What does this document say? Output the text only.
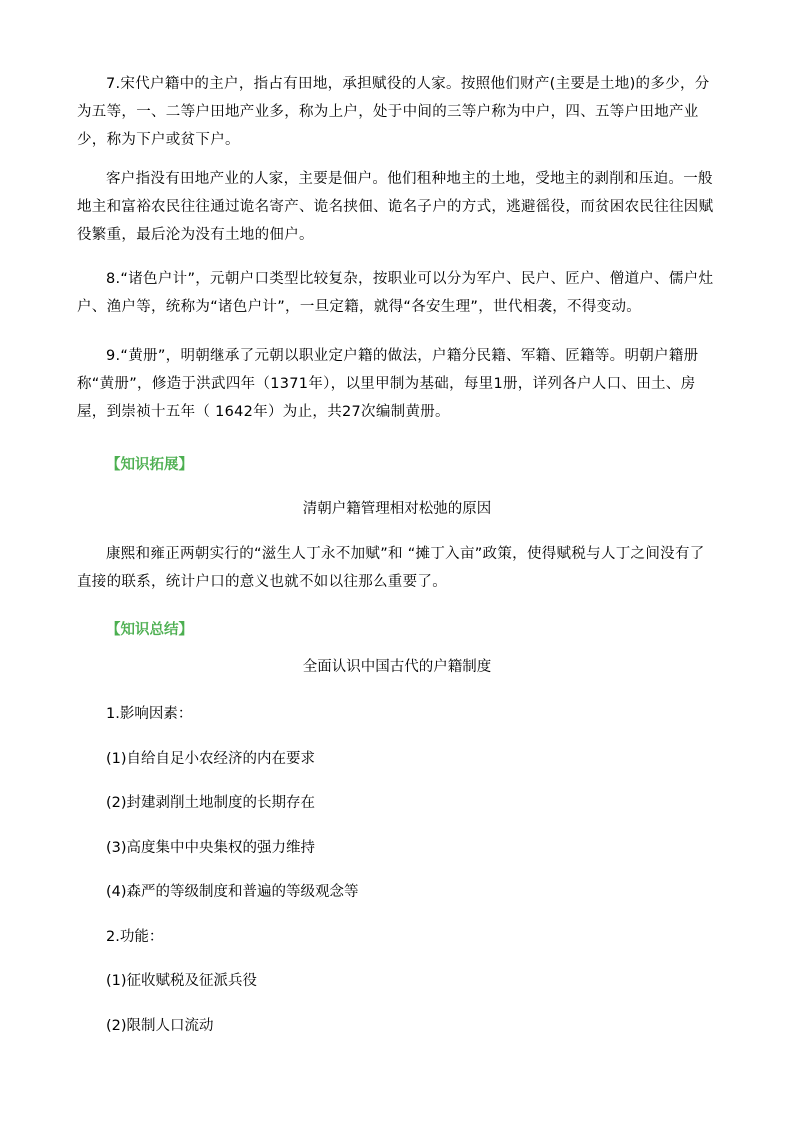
7.宋代户籍中的主户，指占有田地，承担赋役的人家。按照他们财产(主要是土地)的多少，分为五等，一、二等户田地产业多，称为上户，处于中间的三等户称为中户，四、五等户田地产业少，称为下户或贫下户。
客户指没有田地产业的人家，主要是佃户。他们租种地主的土地，受地主的剥削和压迫。一般地主和富裕农民往往通过诡名寄产、诡名挟佃、诡名子户的方式，逃避徭役，而贫困农民往往因赋役繁重，最后沦为没有土地的佃户。
8.“诸色户计”，元朝户口类型比较复杂，按职业可以分为军户、民户、匠户、僧道户、儒户灶户、渔户等，统称为“诸色户计”，一旦定籍，就得“各安生理”，世代相袭，不得变动。
9.“黄册”，明朝继承了元朝以职业定户籍的做法，户籍分民籍、军籍、匠籍等。明朝户籍册称“黄册”，修造于洪武四年（1371年），以里甲制为基础，每里1册，详列各户人口、田土、房屋，到崇祯十五年（ 1642年）为止，共27次编制黄册。
【知识拓展】
清朝户籍管理相对松弛的原因
康熙和雍正两朝实行的“滋生人丁永不加赋”和 “摊丁入亩”政策，使得赋税与人丁之间没有了直接的联系，统计户口的意义也就不如以往那么重要了。
【知识总结】
全面认识中国古代的户籍制度
1.影响因素：
(1)自给自足小农经济的内在要求
(2)封建剥削土地制度的长期存在
(3)高度集中中央集权的强力维持
(4)森严的等级制度和普遍的等级观念等
2.功能：
(1)征收赋税及征派兵役
(2)限制人口流动
